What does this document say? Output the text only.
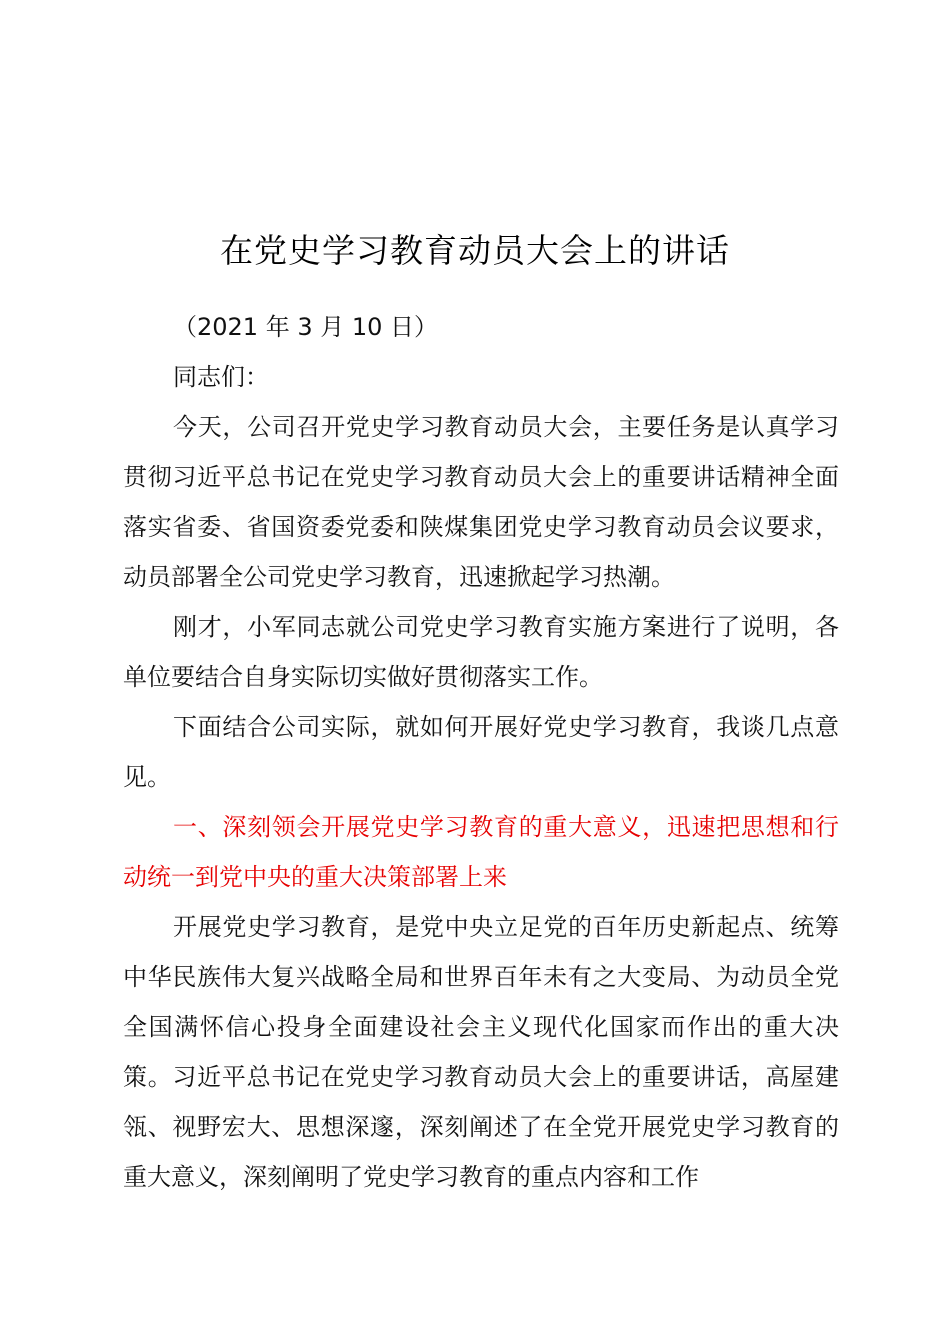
在党史学习教育动员大会上的讲话

（2021 年 3 月 10 日）

同志们：

今天，公司召开党史学习教育动员大会，主要任务是认真学习贯彻习近平总书记在党史学习教育动员大会上的重要讲话精神全面落实省委、省国资委党委和陕煤集团党史学习教育动员会议要求，动员部署全公司党史学习教育，迅速掀起学习热潮。

刚才，小军同志就公司党史学习教育实施方案进行了说明，各单位要结合自身实际切实做好贯彻落实工作。

下面结合公司实际，就如何开展好党史学习教育，我谈几点意见。

一、深刻领会开展党史学习教育的重大意义，迅速把思想和行动统一到党中央的重大决策部署上来

开展党史学习教育，是党中央立足党的百年历史新起点、统筹中华民族伟大复兴战略全局和世界百年未有之大变局、为动员全党全国满怀信心投身全面建设社会主义现代化国家而作出的重大决策。习近平总书记在党史学习教育动员大会上的重要讲话，高屋建瓴、视野宏大、思想深邃，深刻阐述了在全党开展党史学习教育的重大意义，深刻阐明了党史学习教育的重点内容和工作
